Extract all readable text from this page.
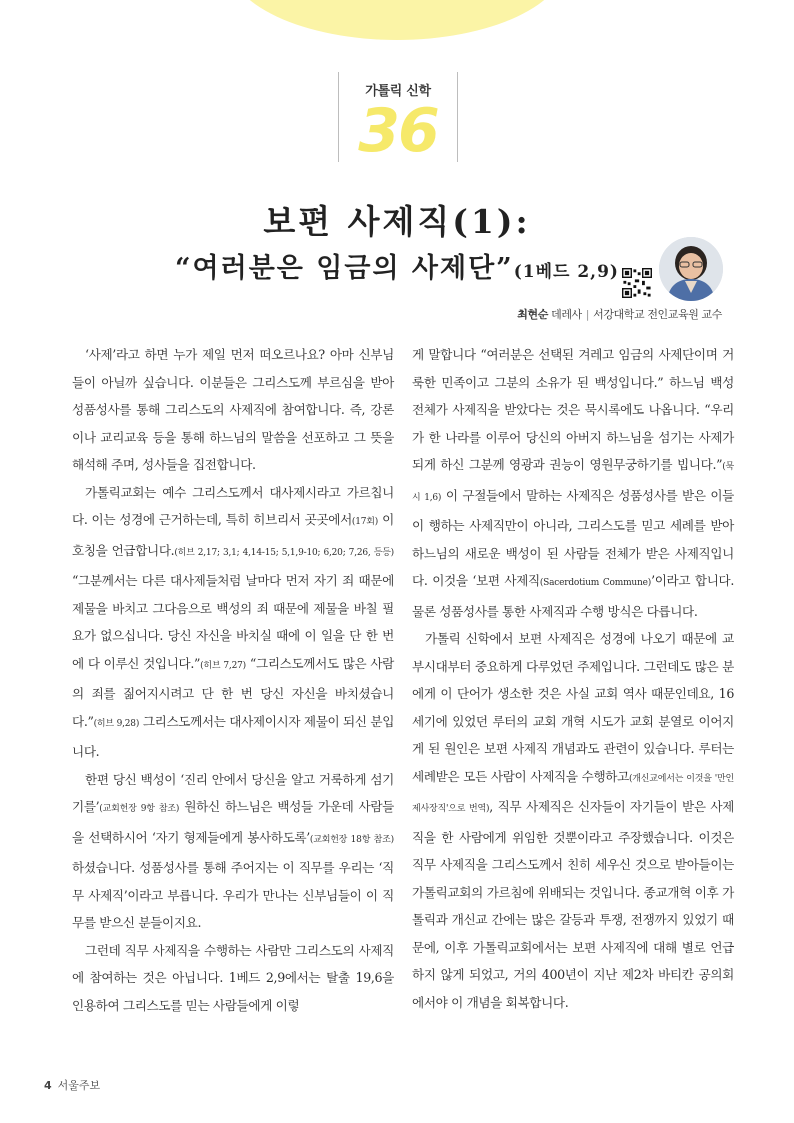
가톨릭 신학
36
보편 사제직(1):
“여러분은 임금의 사제단”(1베드 2,9)
최현순 데레사 | 서강대학교 전인교육원 교수

‘사제’라고 하면 누가 제일 먼저 떠오르나요? 아마 신부님들이 아닐까 싶습니다. 이분들은 그리스도께 부르심을 받아 성품성사를 통해 그리스도의 사제직에 참여합니다. 즉, 강론이나 교리교육 등을 통해 하느님의 말씀을 선포하고 그 뜻을 해석해 주며, 성사들을 집전합니다.

가톨릭교회는 예수 그리스도께서 대사제시라고 가르칩니다. 이는 성경에 근거하는데, 특히 히브리서 곳곳에서(17회) 이 호칭을 언급합니다.(히브 2,17; 3,1; 4,14-15; 5,1,9-10; 6,20; 7,26, 등등) “그분께서는 다른 대사제들처럼 날마다 먼저 자기 죄 때문에 제물을 바치고 그다음으로 백성의 죄 때문에 제물을 바칠 필요가 없으십니다. 당신 자신을 바치실 때에 이 일을 단 한 번에 다 이루신 것입니다.”(히브 7,27) “그리스도께서도 많은 사람의 죄를 짊어지시려고 단 한 번 당신 자신을 바치셨습니다.”(히브 9,28) 그리스도께서는 대사제이시자 제물이 되신 분입니다.

한편 당신 백성이 ‘진리 안에서 당신을 알고 거룩하게 섬기기를’(교회헌장 9항 참조) 원하신 하느님은 백성들 가운데 사람들을 선택하시어 ‘자기 형제들에게 봉사하도록’(교회헌장 18항 참조) 하셨습니다. 성품성사를 통해 주어지는 이 직무를 우리는 ‘직무 사제직’이라고 부릅니다. 우리가 만나는 신부님들이 이 직무를 받으신 분들이지요.

그런데 직무 사제직을 수행하는 사람만 그리스도의 사제직에 참여하는 것은 아닙니다. 1베드 2,9에서는 탈출 19,6을 인용하여 그리스도를 믿는 사람들에게 이렇

게 말합니다 “여러분은 선택된 겨레고 임금의 사제단이며 거룩한 민족이고 그분의 소유가 된 백성입니다.” 하느님 백성 전체가 사제직을 받았다는 것은 묵시록에도 나옵니다. “우리가 한 나라를 이루어 당신의 아버지 하느님을 섬기는 사제가 되게 하신 그분께 영광과 권능이 영원무궁하기를 빕니다.”(묵시 1,6) 이 구절들에서 말하는 사제직은 성품성사를 받은 이들이 행하는 사제직만이 아니라, 그리스도를 믿고 세례를 받아 하느님의 새로운 백성이 된 사람들 전체가 받은 사제직입니다. 이것을 ‘보편 사제직(Sacerdotium Commune)’이라고 합니다. 물론 성품성사를 통한 사제직과 수행 방식은 다릅니다.

가톨릭 신학에서 보편 사제직은 성경에 나오기 때문에 교부시대부터 중요하게 다루었던 주제입니다. 그런데도 많은 분에게 이 단어가 생소한 것은 사실 교회 역사 때문인데요, 16세기에 있었던 루터의 교회 개혁 시도가 교회 분열로 이어지게 된 원인은 보편 사제직 개념과도 관련이 있습니다. 루터는 세례받은 모든 사람이 사제직을 수행하고(개신교에서는 이것을 '만인 제사장직'으로 번역), 직무 사제직은 신자들이 자기들이 받은 사제직을 한 사람에게 위임한 것뿐이라고 주장했습니다. 이것은 직무 사제직을 그리스도께서 친히 세우신 것으로 받아들이는 가톨릭교회의 가르침에 위배되는 것입니다. 종교개혁 이후 가톨릭과 개신교 간에는 많은 갈등과 투쟁, 전쟁까지 있었기 때문에, 이후 가톨릭교회에서는 보편 사제직에 대해 별로 언급하지 않게 되었고, 거의 400년이 지난 제2차 바티칸 공의회에서야 이 개념을 회복합니다.

4 서울주보
